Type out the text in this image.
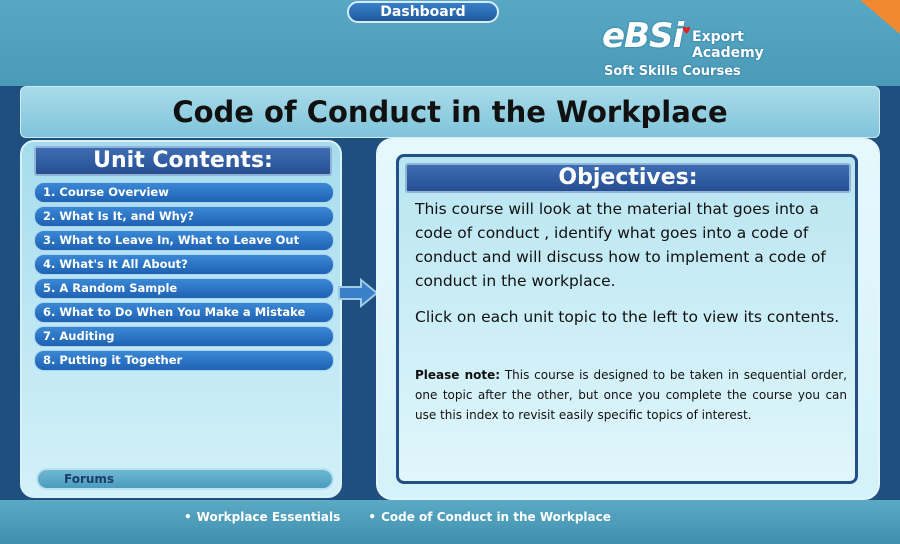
Dashboard
eBSi
♥ Export
Academy
Soft Skills Courses
Code of Conduct in the Workplace
Unit Contents:
1. Course Overview
2. What Is It, and Why?
3. What to Leave In, What to Leave Out
4. What's It All About?
5. A Random Sample
6. What to Do When You Make a Mistake
7. Auditing
8. Putting it Together
Forums
Objectives:
This course will look at the material that goes into a code of conduct , identify what goes into a code of conduct and will discuss how to implement a code of conduct in the workplace.
Click on each unit topic to the left to view its contents.
Please note: This course is designed to be taken in sequential order, one topic after the other, but once you complete the course you can use this index to revisit easily specific topics of interest.
• Workplace Essentials • Code of Conduct in the Workplace
